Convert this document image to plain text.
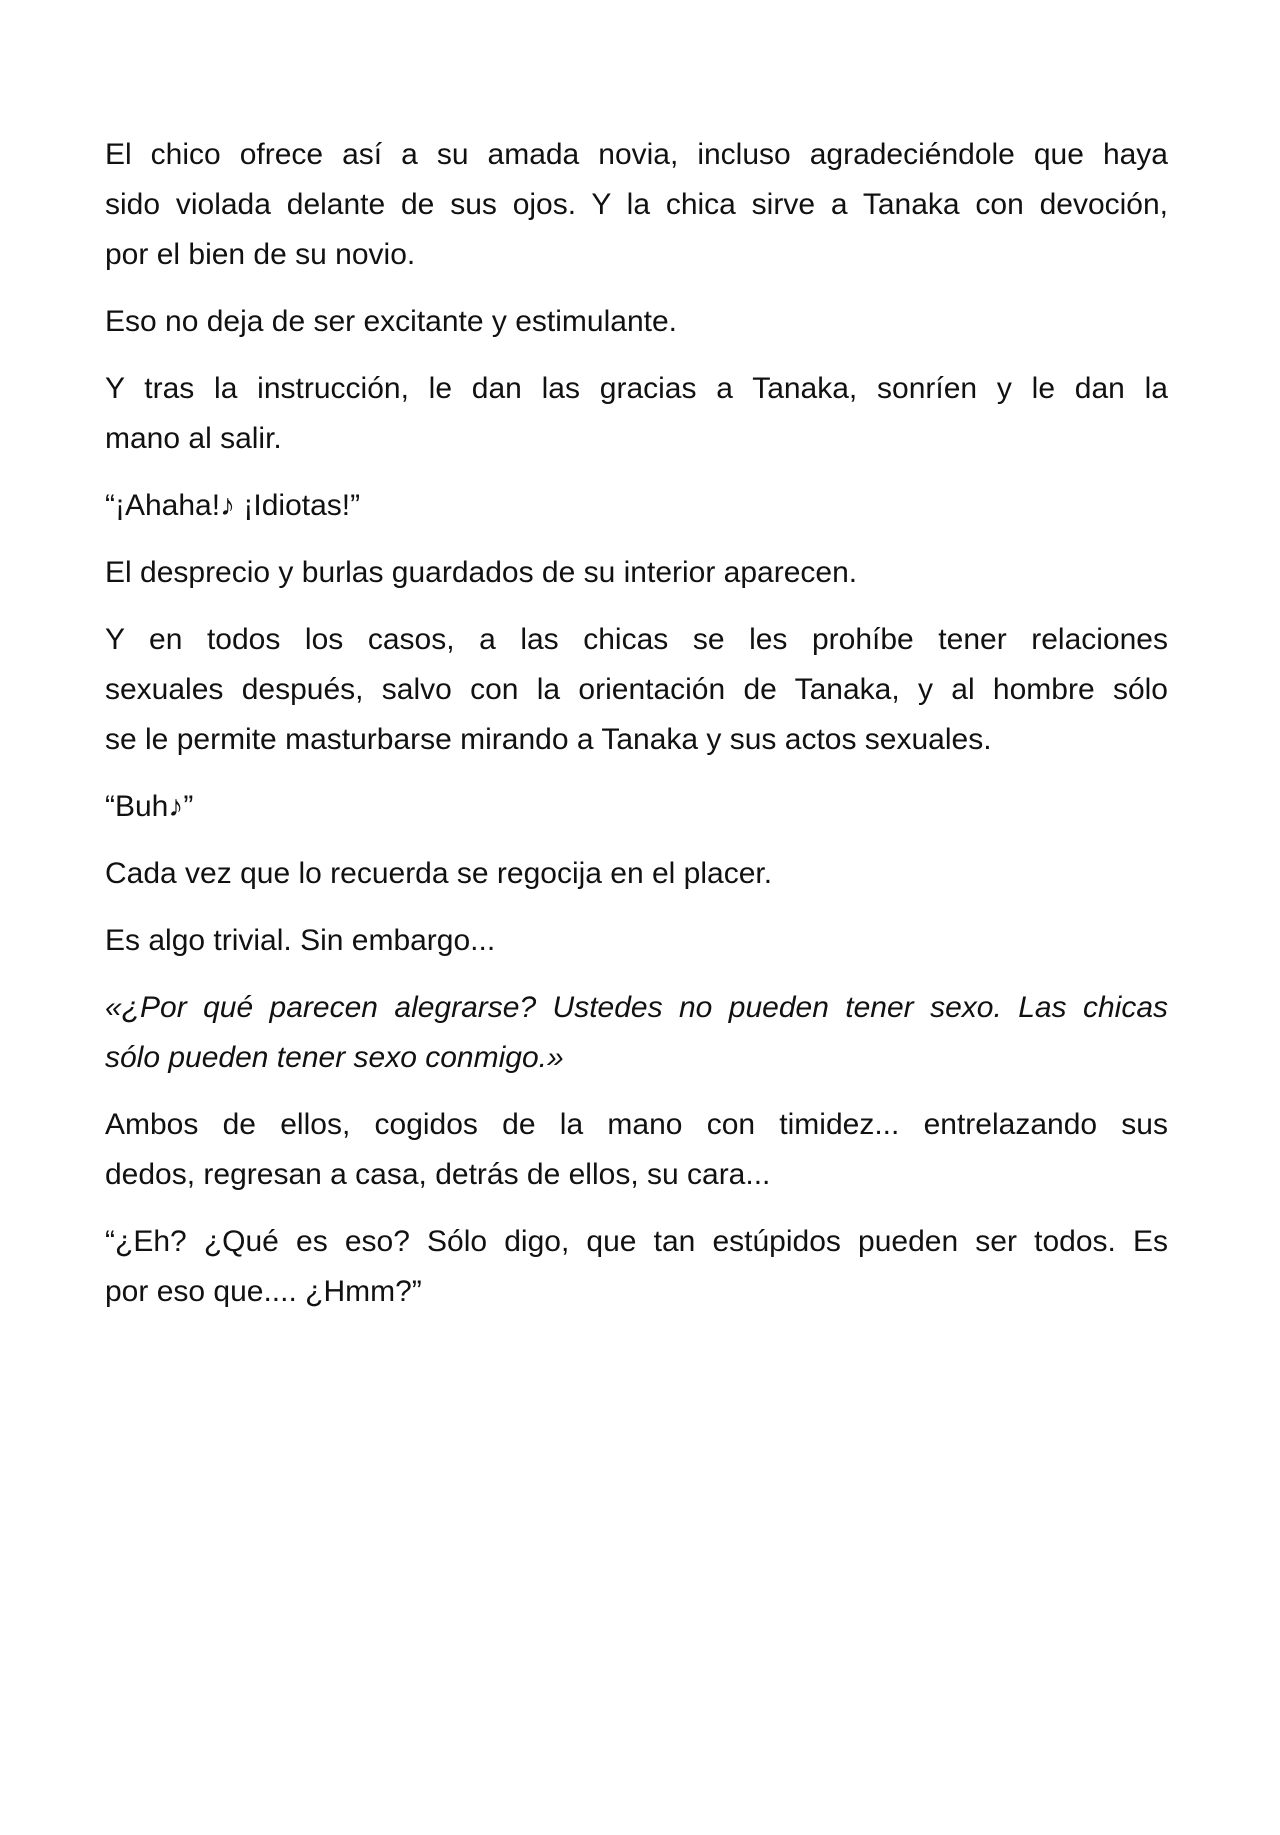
El chico ofrece así a su amada novia, incluso agradeciéndole que haya
sido violada delante de sus ojos. Y la chica sirve a Tanaka con devoción,
por el bien de su novio.

Eso no deja de ser excitante y estimulante.

Y tras la instrucción, le dan las gracias a Tanaka, sonríen y le dan la
mano al salir.

“¡Ahaha!♪ ¡Idiotas!”

El desprecio y burlas guardados de su interior aparecen.

Y en todos los casos, a las chicas se les prohíbe tener relaciones
sexuales después, salvo con la orientación de Tanaka, y al hombre sólo
se le permite masturbarse mirando a Tanaka y sus actos sexuales.

“Buh♪”

Cada vez que lo recuerda se regocija en el placer.

Es algo trivial. Sin embargo...

«¿Por qué parecen alegrarse? Ustedes no pueden tener sexo. Las chicas
sólo pueden tener sexo conmigo.»

Ambos de ellos, cogidos de la mano con timidez... entrelazando sus
dedos, regresan a casa, detrás de ellos, su cara...

“¿Eh? ¿Qué es eso? Sólo digo, que tan estúpidos pueden ser todos. Es
por eso que.... ¿Hmm?”
